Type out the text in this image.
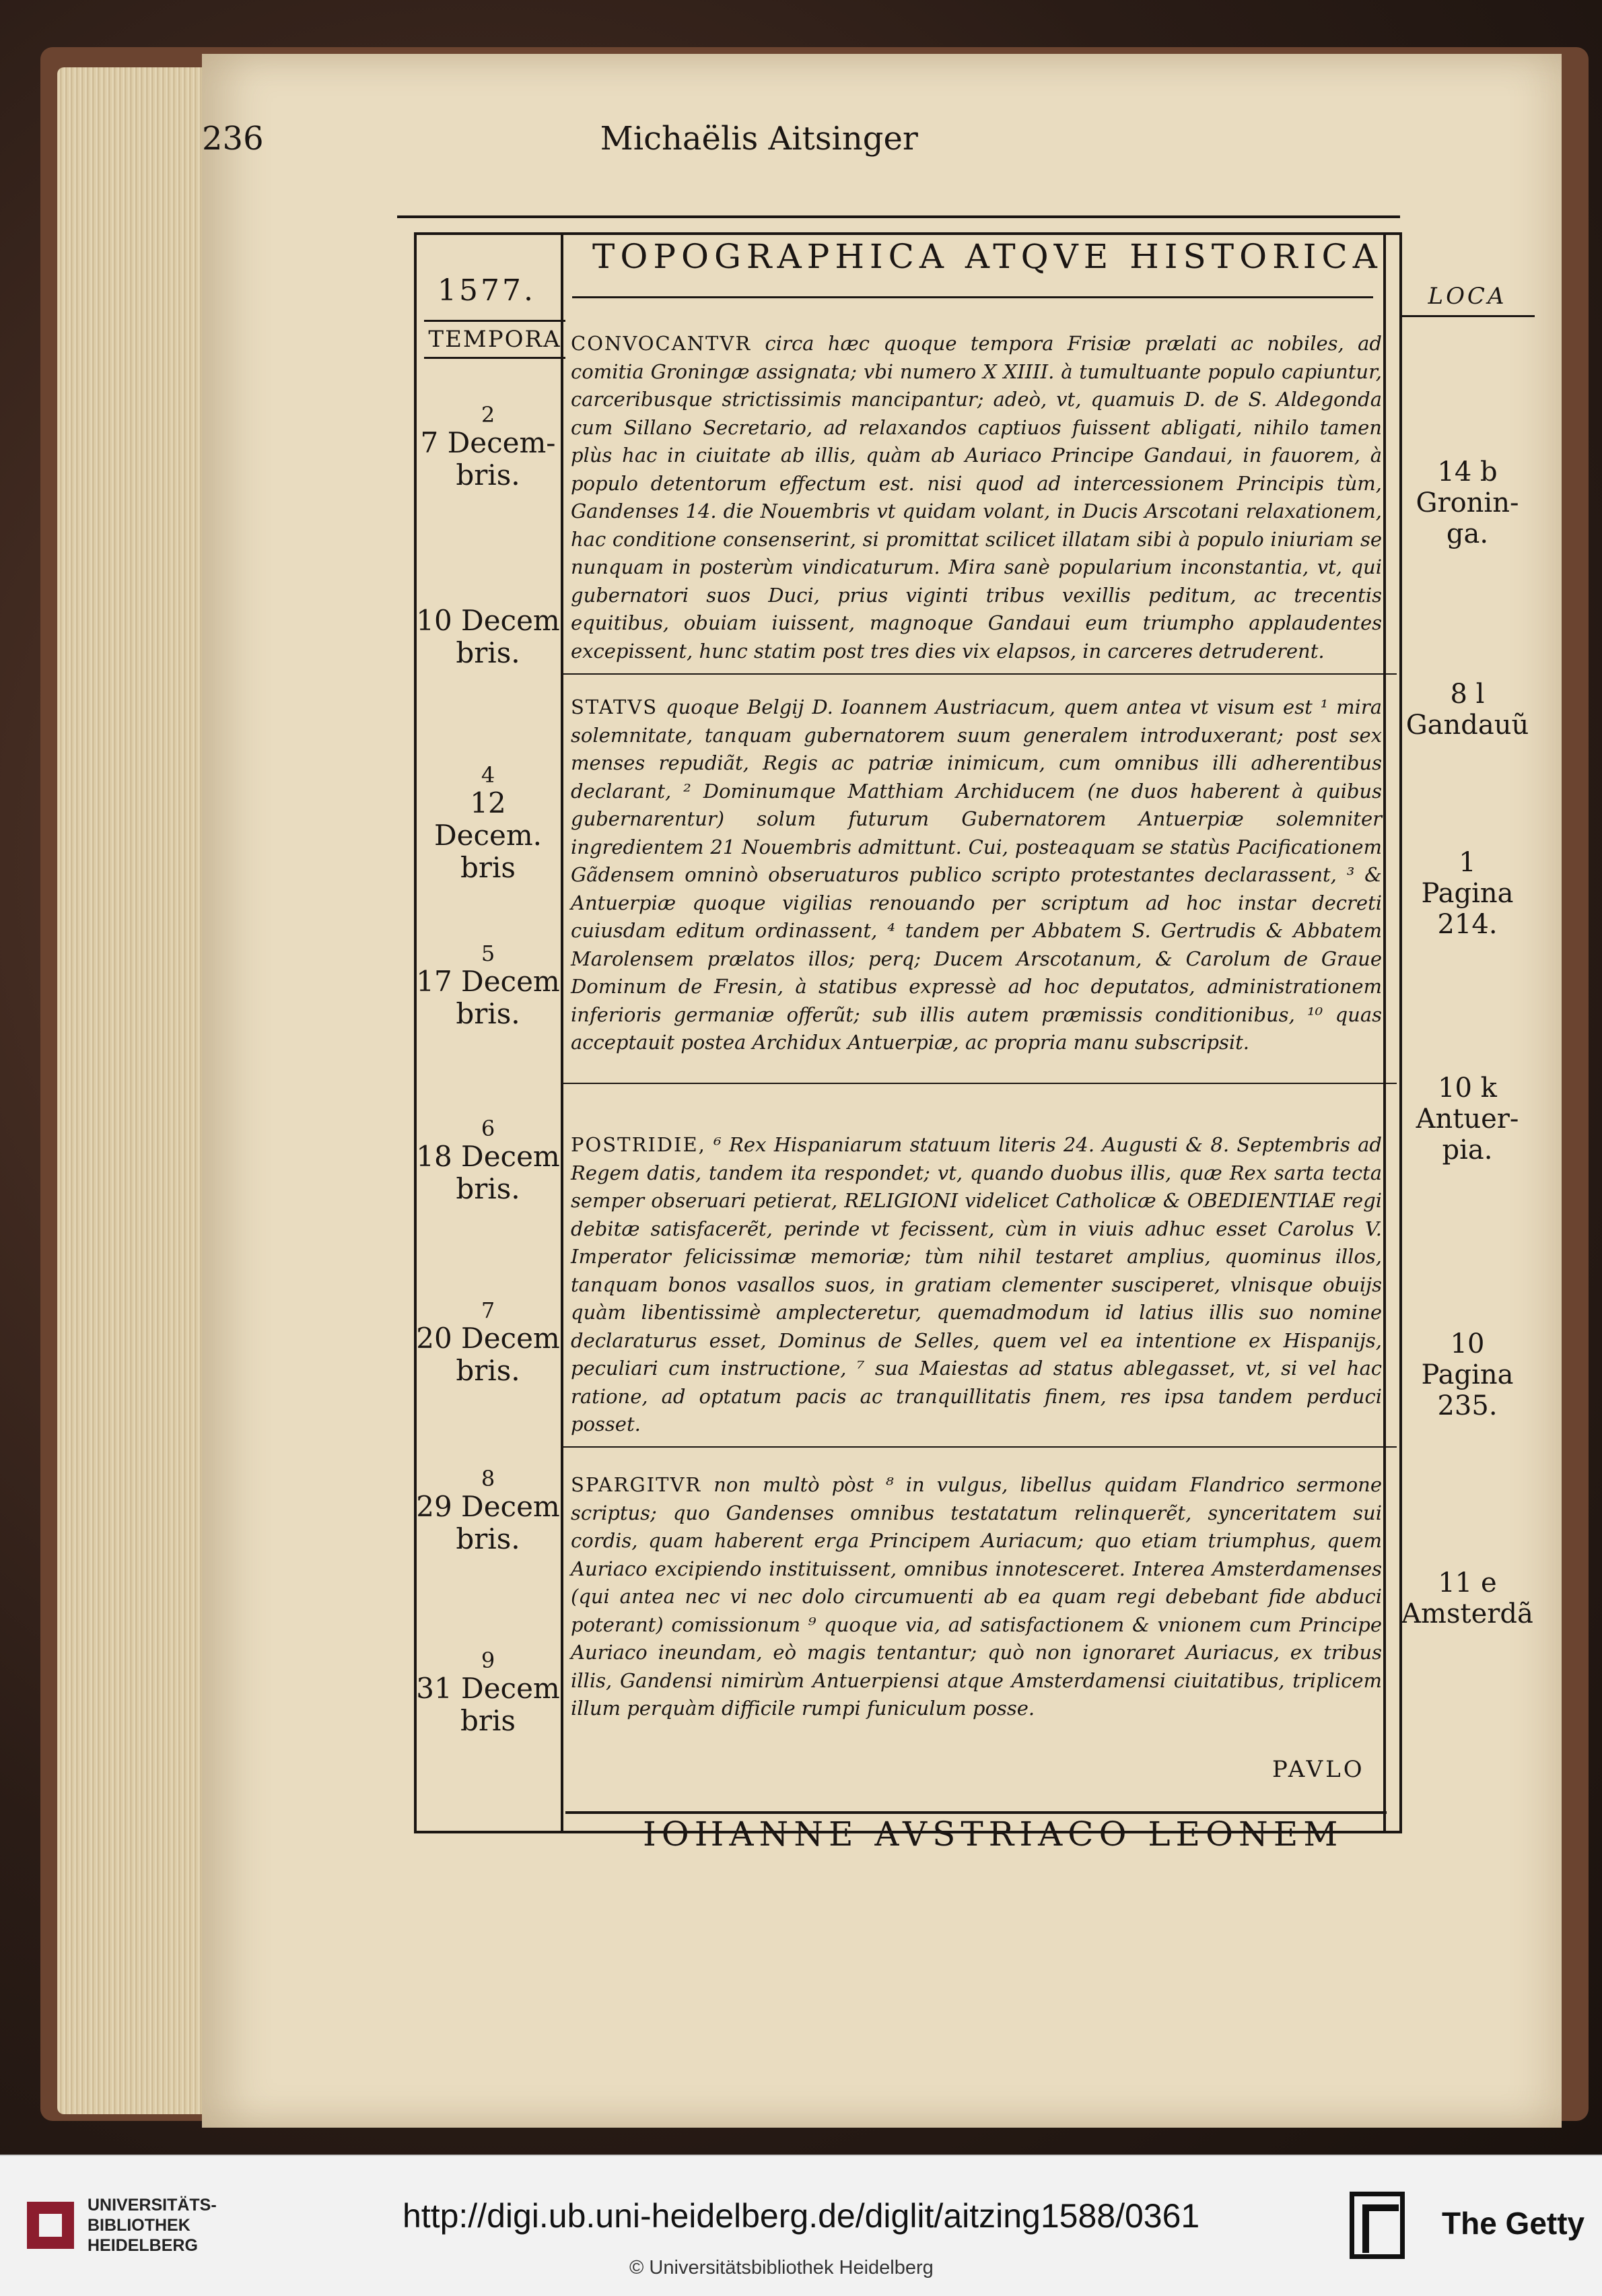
236	Michaëlis Aitsinger
1577.
TEMPORA
LOCA
TOPOGRAPHICA ATQVE HISTORICA
2
7 Decem-
bris.
10 Decem
bris.
4
12 Decem.
bris
5
17 Decem
bris.
6
18 Decem
bris.
7
20 Decem
bris.
8
29 Decem
bris.
9
31 Decem
bris
14 b
Gronin-
ga.
8 l
Gandauũ
1
Pagina
214.
10 k
Antuer-
pia.
10
Pagina
235.
11 e
Amsterdã
CONVOCANTVR circa hæc quoque tempora Frisiæ prælati ac nobiles, ad comitia Groningæ assignata; vbi numero X XIIII. à tumultuante populo capiuntur, carceribusque strictissimis mancipantur; adeò, vt, quamuis D. de S. Aldegonda cum Sillano Secretario, ad relaxandos captiuos fuissent abligati, nihilo tamen plùs hac in ciuitate ab illis, quàm ab Auriaco Principe Gandaui, in fauorem, à populo detentorum effectum est. nisi quod ad intercessionem Principis tùm, Gandenses 14. die Nouembris vt quidam volant, in Ducis Arscotani relaxationem, hac conditione consenserint, si promittat scilicet illatam sibi à populo iniuriam se nunquam in posterùm vindicaturum. Mira sanè popularium inconstantia, vt, qui gubernatori suos Duci, prius viginti tribus vexillis peditum, ac trecentis equitibus, obuiam iuissent, magnoque Gandaui eum triumpho applaudentes excepissent, hunc statim post tres dies vix elapsos, in carceres detruderent.
STATVS quoque Belgij D. Ioannem Austriacum, quem antea vt visum est ¹ mira solemnitate, tanquam gubernatorem suum generalem introduxerant; post sex menses repudiãt, Regis ac patriæ inimicum, cum omnibus illi adherentibus declarant, ² Dominumque Matthiam Archiducem (ne duos haberent à quibus gubernarentur) solum futurum Gubernatorem Antuerpiæ solemniter ingredientem 21 Nouembris admittunt. Cui, posteaquam se statùs Pacificationem Gãdensem omninò obseruaturos publico scripto protestantes declarassent, ³ & Antuerpiæ quoque vigilias renouando per scriptum ad hoc instar decreti cuiusdam editum ordinassent, ⁴ tandem per Abbatem S. Gertrudis & Abbatem Marolensem prælatos illos; perq; Ducem Arscotanum, & Carolum de Graue Dominum de Fresin, à statibus expressè ad hoc deputatos, administrationem inferioris germaniæ offerũt; sub illis autem præmissis conditionibus, ¹⁰ quas acceptauit postea Archidux Antuerpiæ, ac propria manu subscripsit.
POSTRIDIE, ⁶ Rex Hispaniarum statuum literis 24. Augusti & 8. Septembris ad Regem datis, tandem ita respondet; vt, quando duobus illis, quæ Rex sarta tecta semper obseruari petierat, RELIGIONI videlicet Catholicæ & OBEDIENTIAE regi debitæ satisfacerẽt, perinde vt fecissent, cùm in viuis adhuc esset Carolus V. Imperator felicissimæ memoriæ; tùm nihil testaret amplius, quominus illos, tanquam bonos vasallos suos, in gratiam clementer susciperet, vlnisque obuijs quàm libentissimè amplecteretur, quemadmodum id latius illis suo nomine declaraturus esset, Dominus de Selles, quem vel ea intentione ex Hispanijs, peculiari cum instructione, ⁷ sua Maiestas ad status ablegasset, vt, si vel hac ratione, ad optatum pacis ac tranquillitatis finem, res ipsa tandem perduci posset.
SPARGITVR non multò pòst ⁸ in vulgus, libellus quidam Flandrico sermone scriptus; quo Gandenses omnibus testatatum relinquerẽt, synceritatem sui cordis, quam haberent erga Principem Auriacum; quo etiam triumphus, quem Auriaco excipiendo instituissent, omnibus innotesceret. Interea Amsterdamenses (qui antea nec vi nec dolo circumuenti ab ea quam regi debebant fide abduci poterant) comissionum ⁹ quoque via, ad satisfactionem & vnionem cum Principe Auriaco ineundam, eò magis tentantur; quò non ignoraret Auriacus, ex tribus illis, Gandensi nimirùm Antuerpiensi atque Amsterdamensi ciuitatibus, triplicem illum perquàm difficile rumpi funiculum posse.
PAVLO
IOHANNE AVSTRIACO LEONEM
UNIVERSITÄTS-
BIBLIOTHEK
HEIDELBERG
http://digi.ub.uni-heidelberg.de/diglit/aitzing1588/0361
© Universitätsbibliothek Heidelberg
The Getty
